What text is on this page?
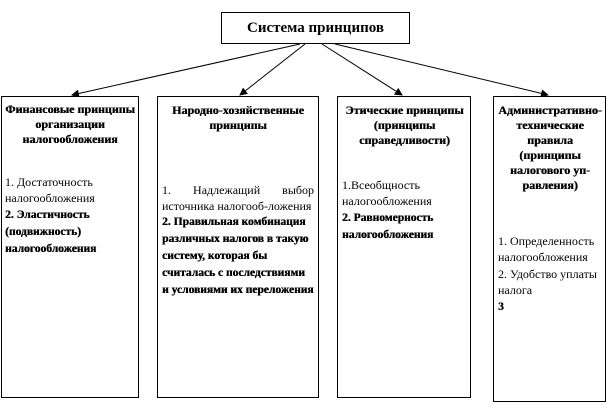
Система принципов
Финансовые принципы организации налогообложения
1. Достаточность налогообложения
2. Эластичность (подвижность) налогообложения
Народно-хозяйственные принципы
1. Надлежащий выбор источника налогооб-ложения
2. Правильная комбинация различных налогов в такую систему, которая бы считалась с последствиями и условиями их переложения
Этические принципы (принципы справедливости)
1.Всеобщность налогообложения
2. Равномерность налогообложения
Административно-технические правила (принципы налогового уп-равления)
1. Определенность налогообложения
2. Удобство уплаты налога
3
